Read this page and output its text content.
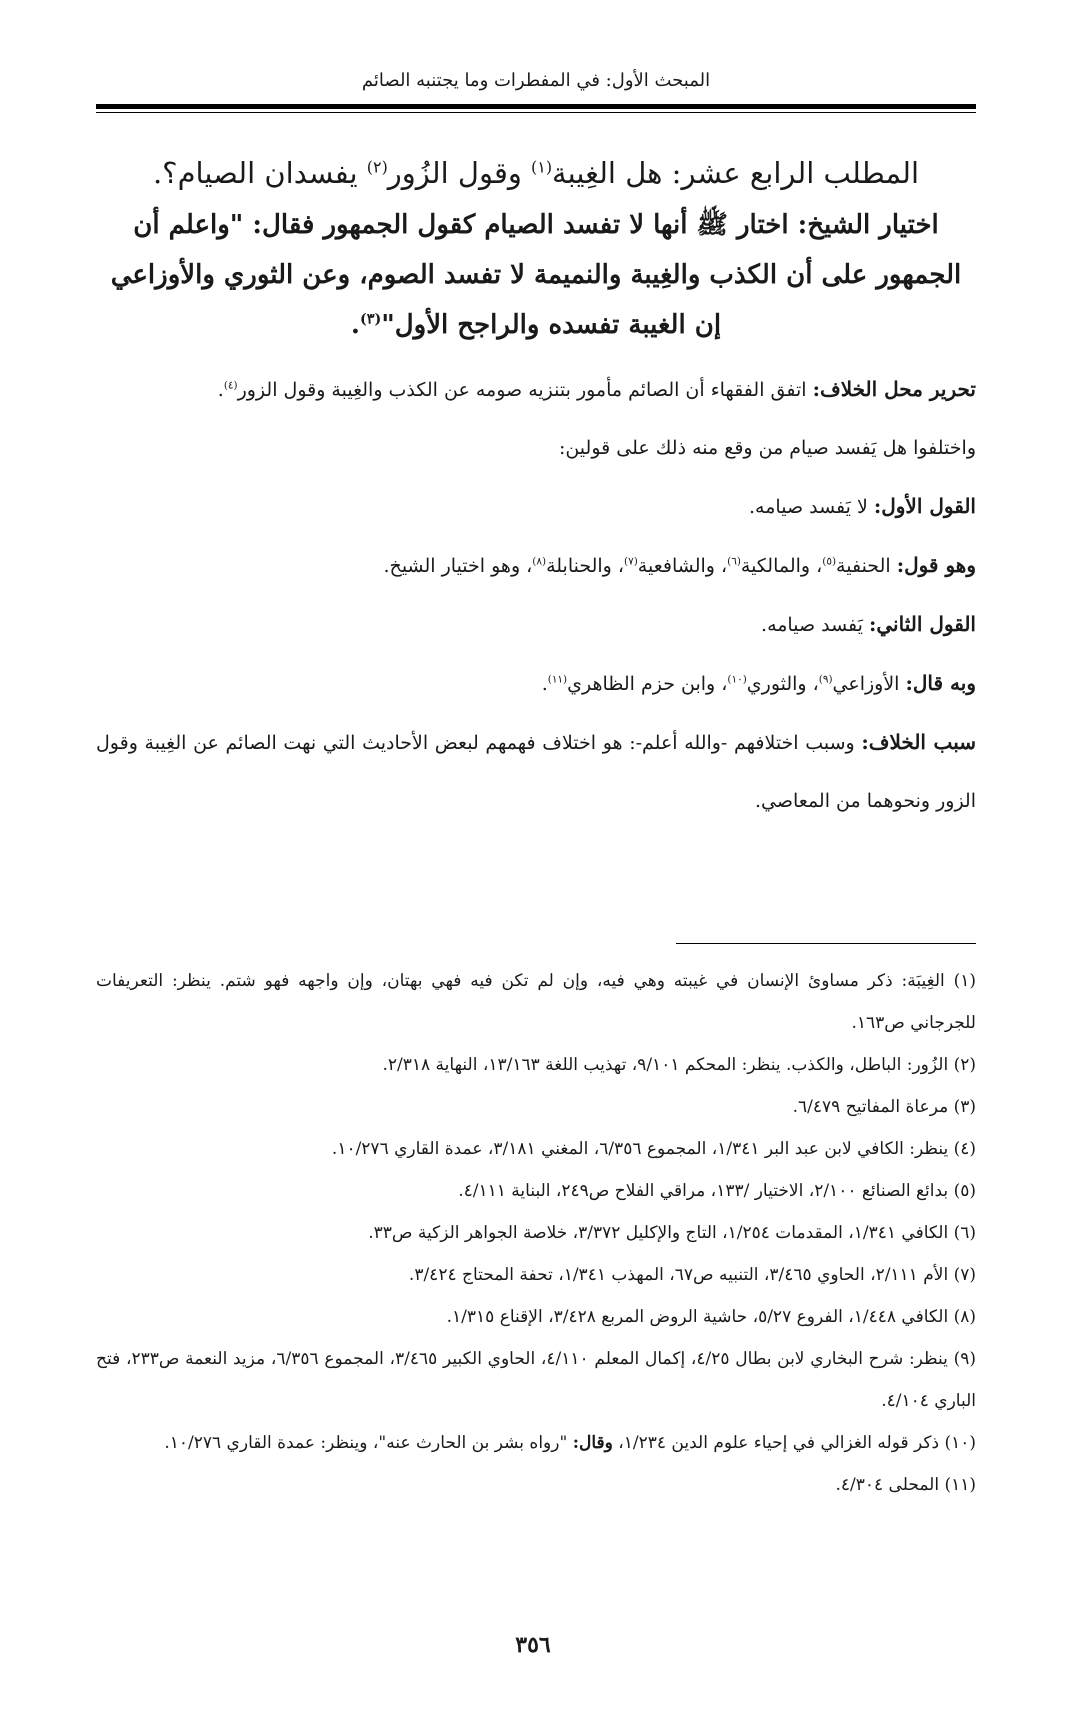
المبحث الأول: في المفطرات وما يجتنبه الصائم

المطلب الرابع عشر: هل الغِيبة$^{(١)}$ وقول الزُور$^{(٢)}$ يفسدان الصيام؟.

اختيار الشيخ: اختار ﷺ أنها لا تفسد الصيام كقول الجمهور فقال: "واعلم أن الجمهور على أن الكذب والغِيبة والنميمة لا تفسد الصوم، وعن الثوري والأوزاعي إن الغيبة تفسده والراجح الأول"$^{(٣)}$.

تحرير محل الخلاف: اتفق الفقهاء أن الصائم مأمور بتنزيه صومه عن الكذب والغِيبة وقول الزور$^{(٤)}$.

واختلفوا هل يَفسد صيام من وقع منه ذلك على قولين:

القول الأول: لا يَفسد صيامه.

وهو قول: الحنفية$^{(٥)}$، والمالكية$^{(٦)}$، والشافعية$^{(٧)}$، والحنابلة$^{(٨)}$، وهو اختيار الشيخ.

القول الثاني: يَفسد صيامه.

وبه قال: الأوزاعي$^{(٩)}$، والثوري$^{(١٠)}$، وابن حزم الظاهري$^{(١١)}$.

سبب الخلاف: وسبب اختلافهم -والله أعلم-: هو اختلاف فهمهم لبعض الأحاديث التي نهت الصائم عن الغِيبة وقول الزور ونحوهما من المعاصي.

(١) الغِيبَة: ذكر مساوئ الإنسان في غيبته وهي فيه، وإن لم تكن فيه فهي بهتان، وإن واجهه فهو شتم. ينظر: التعريفات للجرجاني ص١٦٣.

(٢) الزُور: الباطل، والكذب. ينظر: المحكم ٩/١٠١، تهذيب اللغة ١٣/١٦٣، النهاية ٢/٣١٨.

(٣) مرعاة المفاتيح ٦/٤٧٩.

(٤) ينظر: الكافي لابن عبد البر ١/٣٤١، المجموع ٦/٣٥٦، المغني ٣/١٨١، عمدة القاري ١٠/٢٧٦.

(٥) بدائع الصنائع ٢/١٠٠، الاختيار /١٣٣، مراقي الفلاح ص٢٤٩، البناية ٤/١١١.

(٦) الكافي ١/٣٤١، المقدمات ١/٢٥٤، التاج والإكليل ٣/٣٧٢، خلاصة الجواهر الزكية ص٣٣.

(٧) الأم ٢/١١١، الحاوي ٣/٤٦٥، التنبيه ص٦٧، المهذب ١/٣٤١، تحفة المحتاج ٣/٤٢٤.

(٨) الكافي ١/٤٤٨، الفروع ٥/٢٧، حاشية الروض المربع ٣/٤٢٨، الإقناع ١/٣١٥.

(٩) ينظر: شرح البخاري لابن بطال ٤/٢٥، إكمال المعلم ٤/١١٠، الحاوي الكبير ٣/٤٦٥، المجموع ٦/٣٥٦، مزيد النعمة ص٢٣٣، فتح الباري ٤/١٠٤.

(١٠) ذكر قوله الغزالي في إحياء علوم الدين ١/٢٣٤، وقال: "رواه بشر بن الحارث عنه"، وينظر: عمدة القاري ١٠/٢٧٦.

(١١) المحلى ٤/٣٠٤.

٣٥٦
